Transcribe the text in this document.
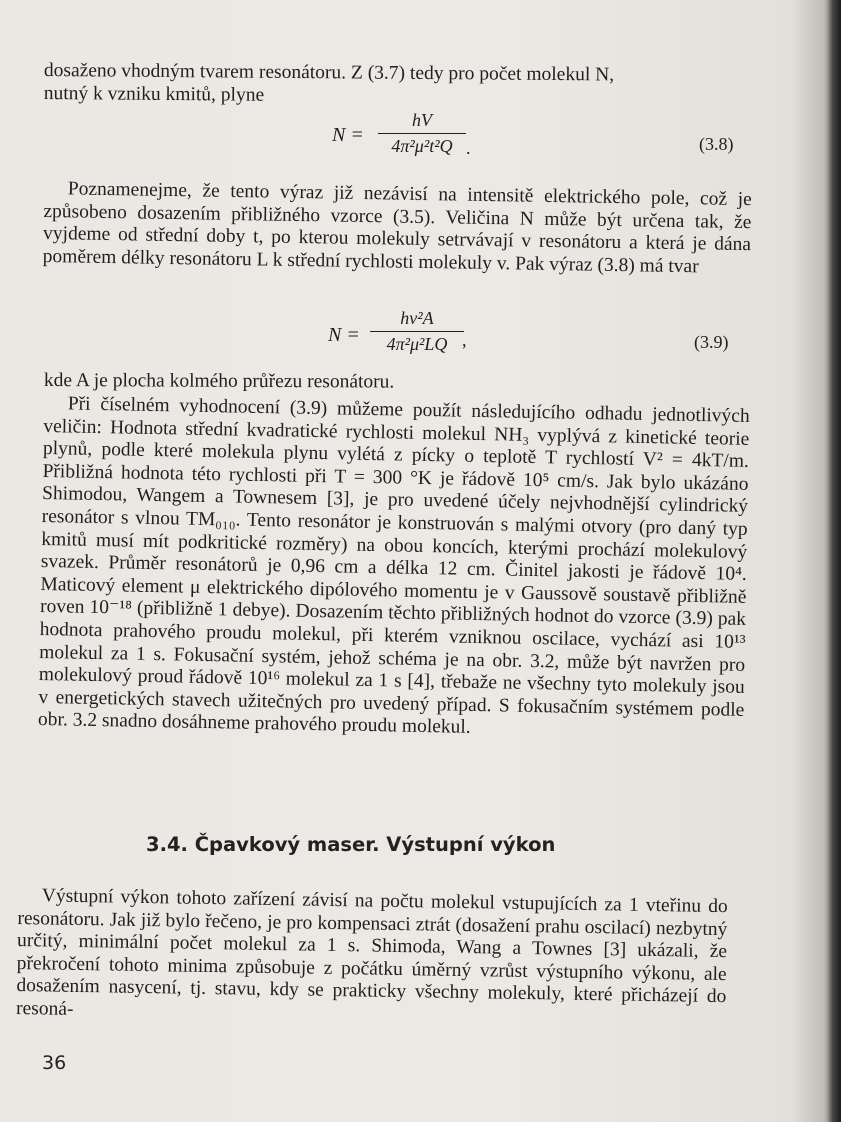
dosaženo vhodným tvarem resonátoru. Z (3.7) tedy pro počet molekul N,

nutný k vzniku kmitů, plyne

N =
hV
4π²μ²t²Q .	(3.8)

Poznamenejme, že tento výraz již nezávisí na intensitě elektrického pole, což je způsobeno dosazením přibližného vzorce (3.5). Veličina N může být určena tak, že vyjdeme od střední doby t, po kterou molekuly setrvávají v resonátoru a která je dána poměrem délky resonátoru L k střední rychlosti molekuly v. Pak výraz (3.8) má tvar

N =
hv²A
4π²μ²LQ ,	(3.9)

kde A je plocha kolmého průřezu resonátoru.

Při číselném vyhodnocení (3.9) můžeme použít následujícího odhadu jednotlivých veličin: Hodnota střední kvadratické rychlosti molekul NH₃ vyplývá z kinetické teorie plynů, podle které molekula plynu vylétá z pícky o teplotě T rychlostí V² = 4kT/m. Přibližná hodnota této rychlosti při T = 300 °K je řádově 10⁵ cm/s. Jak bylo ukázáno Shimodou, Wangem a Townesem [3], je pro uvedené účely nejvhodnější cylindrický resonátor s vlnou TM₀₁₀. Tento resonátor je konstruován s malými otvory (pro daný typ kmitů musí mít podkritické rozměry) na obou koncích, kterými prochází molekulový svazek. Průměr resonátorů je 0,96 cm a délka 12 cm. Činitel jakosti je řádově 10⁴. Maticový element μ elektrického dipólového momentu je v Gaussově soustavě přibližně roven 10⁻¹⁸ (přibližně 1 debye). Dosazením těchto přibližných hodnot do vzorce (3.9) pak hodnota prahového proudu molekul, při kterém vzniknou oscilace, vychází asi 10¹³ molekul za 1 s. Fokusační systém, jehož schéma je na obr. 3.2, může být navržen pro molekulový proud řádově 10¹⁶ molekul za 1 s [4], třebaže ne všechny tyto molekuly jsou v energetických stavech užitečných pro uvedený případ. S fokusačním systémem podle obr. 3.2 snadno dosáhneme prahového proudu molekul.

3.4. Čpavkový maser. Výstupní výkon

Výstupní výkon tohoto zařízení závisí na počtu molekul vstupujících za 1 vteřinu do resonátoru. Jak již bylo řečeno, je pro kompensaci ztrát (dosažení prahu oscilací) nezbytný určitý, minimální počet molekul za 1 s. Shimoda, Wang a Townes [3] ukázali, že překročení tohoto minima způsobuje z počátku úměrný vzrůst výstupního výkonu, ale dosažením nasycení, tj. stavu, kdy se prakticky všechny molekuly, které přicházejí do resoná-

36
